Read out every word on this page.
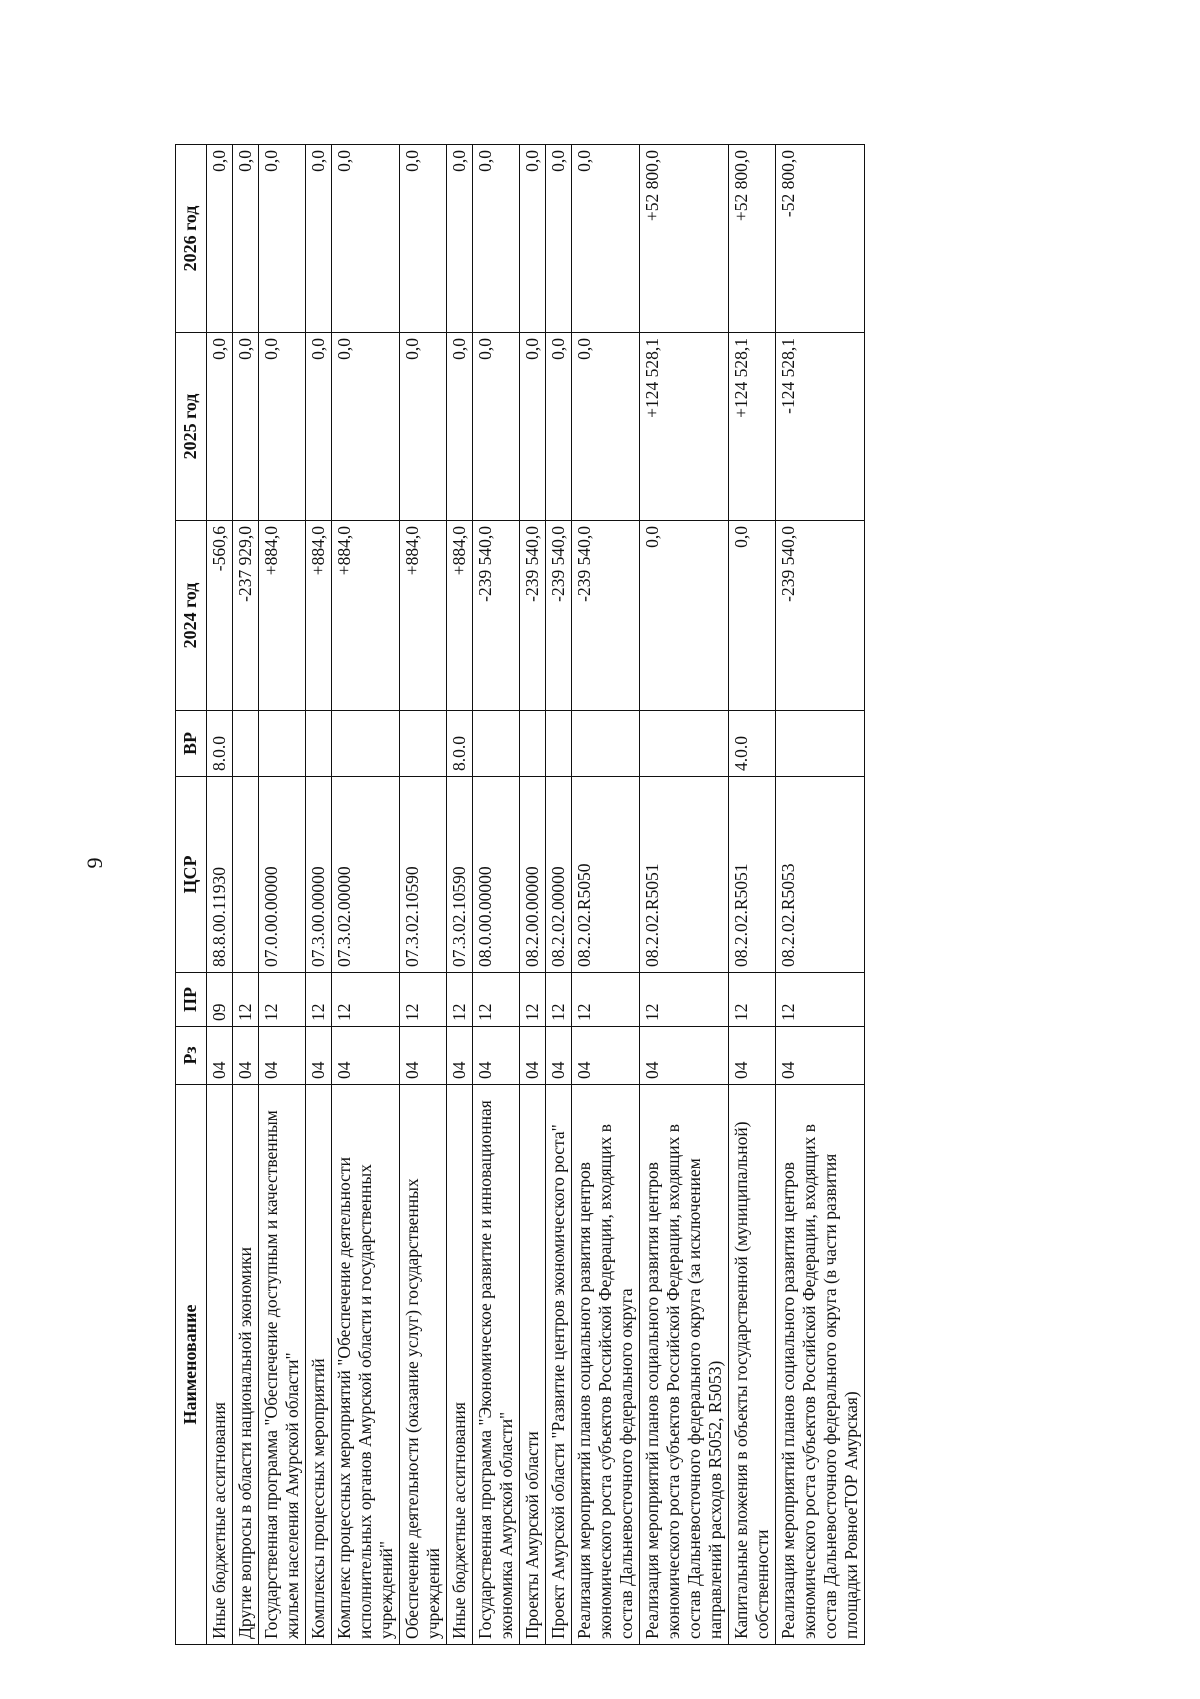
9
Наименование	Рз	ПР	ЦСР	ВР	2024 год	2025 год	2026 год
Иные бюджетные ассигнования	04	09	88.8.00.11930	8.0.0	-560,6	0,0	0,0
Другие вопросы в области национальной экономики	04	12			-237 929,0	0,0	0,0
Государственная программа "Обеспечение доступным и качественным жильем населения Амурской области"	04	12	07.0.00.00000		+884,0	0,0	0,0
Комплексы процессных мероприятий	04	12	07.3.00.00000		+884,0	0,0	0,0
Комплекс процессных мероприятий "Обеспечение деятельности исполнительных органов Амурской области и государственных учреждений"	04	12	07.3.02.00000		+884,0	0,0	0,0
Обеспечение деятельности (оказание услуг) государственных учреждений	04	12	07.3.02.10590		+884,0	0,0	0,0
Иные бюджетные ассигнования	04	12	07.3.02.10590	8.0.0	+884,0	0,0	0,0
Государственная программа "Экономическое развитие и инновационная экономика Амурской области"	04	12	08.0.00.00000		-239 540,0	0,0	0,0
Проекты Амурской области	04	12	08.2.00.00000		-239 540,0	0,0	0,0
Проект Амурской области "Развитие центров экономического роста"	04	12	08.2.02.00000		-239 540,0	0,0	0,0
Реализация мероприятий планов социального развития центров экономического роста субъектов Российской Федерации, входящих в состав Дальневосточного федерального округа	04	12	08.2.02.R5050		-239 540,0	0,0	0,0
Реализация мероприятий планов социального развития центров экономического роста субъектов Российской Федерации, входящих в состав Дальневосточного федерального округа (за исключением направлений расходов R5052, R5053)	04	12	08.2.02.R5051		0,0	+124 528,1	+52 800,0
Капитальные вложения в объекты государственной (муниципальной) собственности	04	12	08.2.02.R5051	4.0.0	0,0	+124 528,1	+52 800,0
Реализация мероприятий планов социального развития центров экономического роста субъектов Российской Федерации, входящих в состав Дальневосточного федерального округа (в части развития площадки РовноеТОР Амурская)	04	12	08.2.02.R5053		-239 540,0	-124 528,1	-52 800,0
